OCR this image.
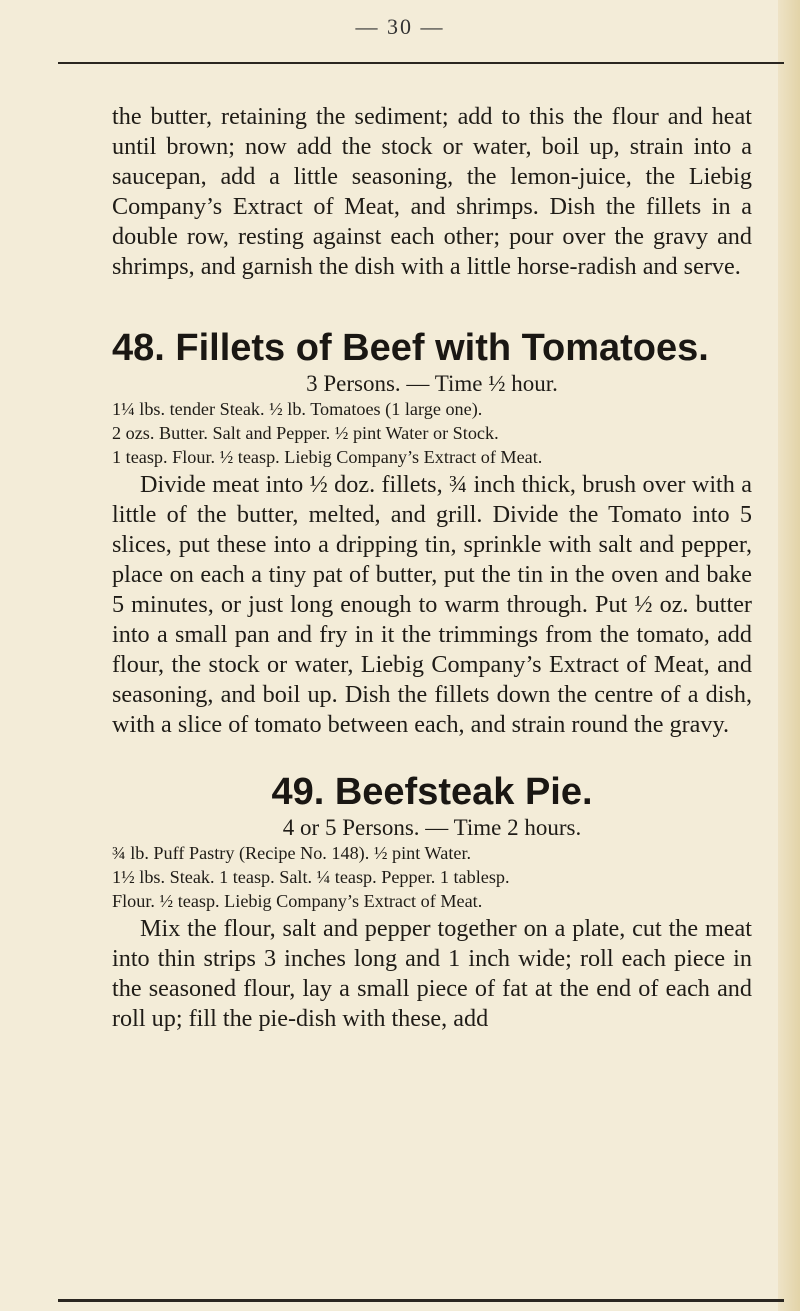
— 30 —

the butter, retaining the sediment; add to this the flour and heat until brown; now add the stock or water, boil up, strain into a saucepan, add a little seasoning, the lemon-juice, the Liebig Company’s Extract of Meat, and shrimps. Dish the fillets in a double row, resting against each other; pour over the gravy and shrimps, and garnish the dish with a little horse-radish and serve.

48. Fillets of Beef with Tomatoes.

3 Persons. — Time ½ hour.

1¼ lbs. tender Steak. ½ lb. Tomatoes (1 large one).

2 ozs. Butter. Salt and Pepper. ½ pint Water or Stock.

1 teasp. Flour. ½ teasp. Liebig Company’s Extract of Meat.

Divide meat into ½ doz. fillets, ¾ inch thick, brush over with a little of the butter, melted, and grill. Divide the Tomato into 5 slices, put these into a dripping tin, sprinkle with salt and pepper, place on each a tiny pat of butter, put the tin in the oven and bake 5 minutes, or just long enough to warm through. Put ½ oz. butter into a small pan and fry in it the trimmings from the tomato, add flour, the stock or water, Liebig Company’s Extract of Meat, and seasoning, and boil up. Dish the fillets down the centre of a dish, with a slice of tomato between each, and strain round the gravy.

49. Beefsteak Pie.

4 or 5 Persons. — Time 2 hours.

¾ lb. Puff Pastry (Recipe No. 148). ½ pint Water.

1½ lbs. Steak. 1 teasp. Salt. ¼ teasp. Pepper. 1 tablesp.

Flour. ½ teasp. Liebig Company’s Extract of Meat.

Mix the flour, salt and pepper together on a plate, cut the meat into thin strips 3 inches long and 1 inch wide; roll each piece in the seasoned flour, lay a small piece of fat at the end of each and roll up; fill the pie-dish with these, add
